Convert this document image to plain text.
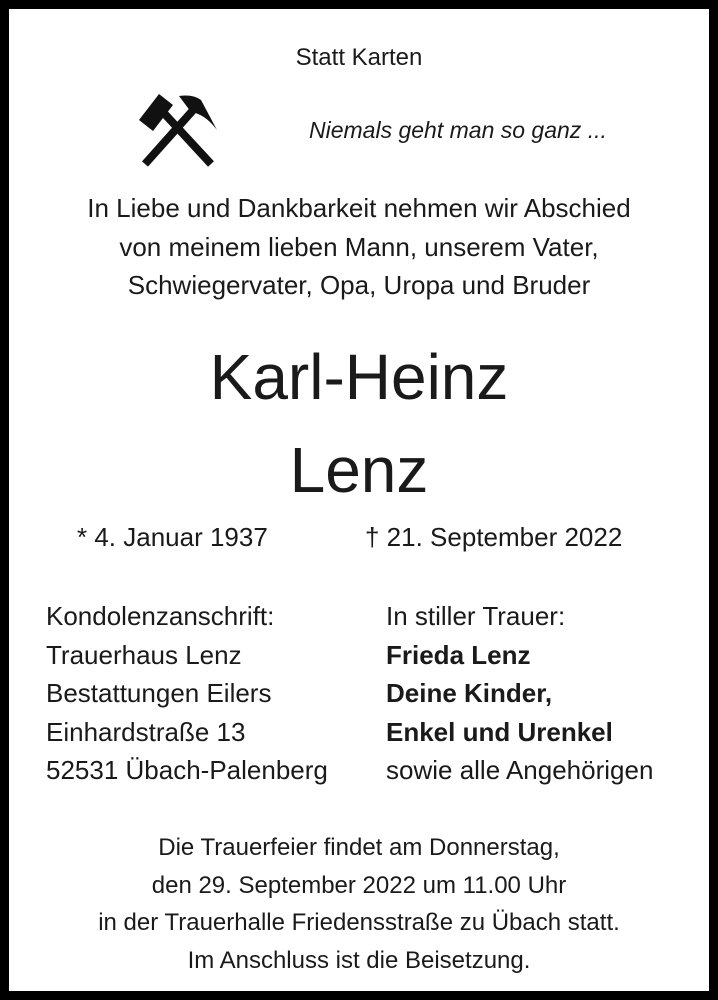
Statt Karten
Niemals geht man so ganz ...
In Liebe und Dankbarkeit nehmen wir Abschied
von meinem lieben Mann, unserem Vater,
Schwiegervater, Opa, Uropa und Bruder
Karl-Heinz
Lenz
* 4. Januar 1937	† 21. September 2022
Kondolenzanschrift:
Trauerhaus Lenz
Bestattungen Eilers
Einhardstraße 13
52531 Übach-Palenberg
In stiller Trauer:
Frieda Lenz
Deine Kinder,
Enkel und Urenkel
sowie alle Angehörigen
Die Trauerfeier findet am Donnerstag,
den 29. September 2022 um 11.00 Uhr
in der Trauerhalle Friedensstraße zu Übach statt.
Im Anschluss ist die Beisetzung.
